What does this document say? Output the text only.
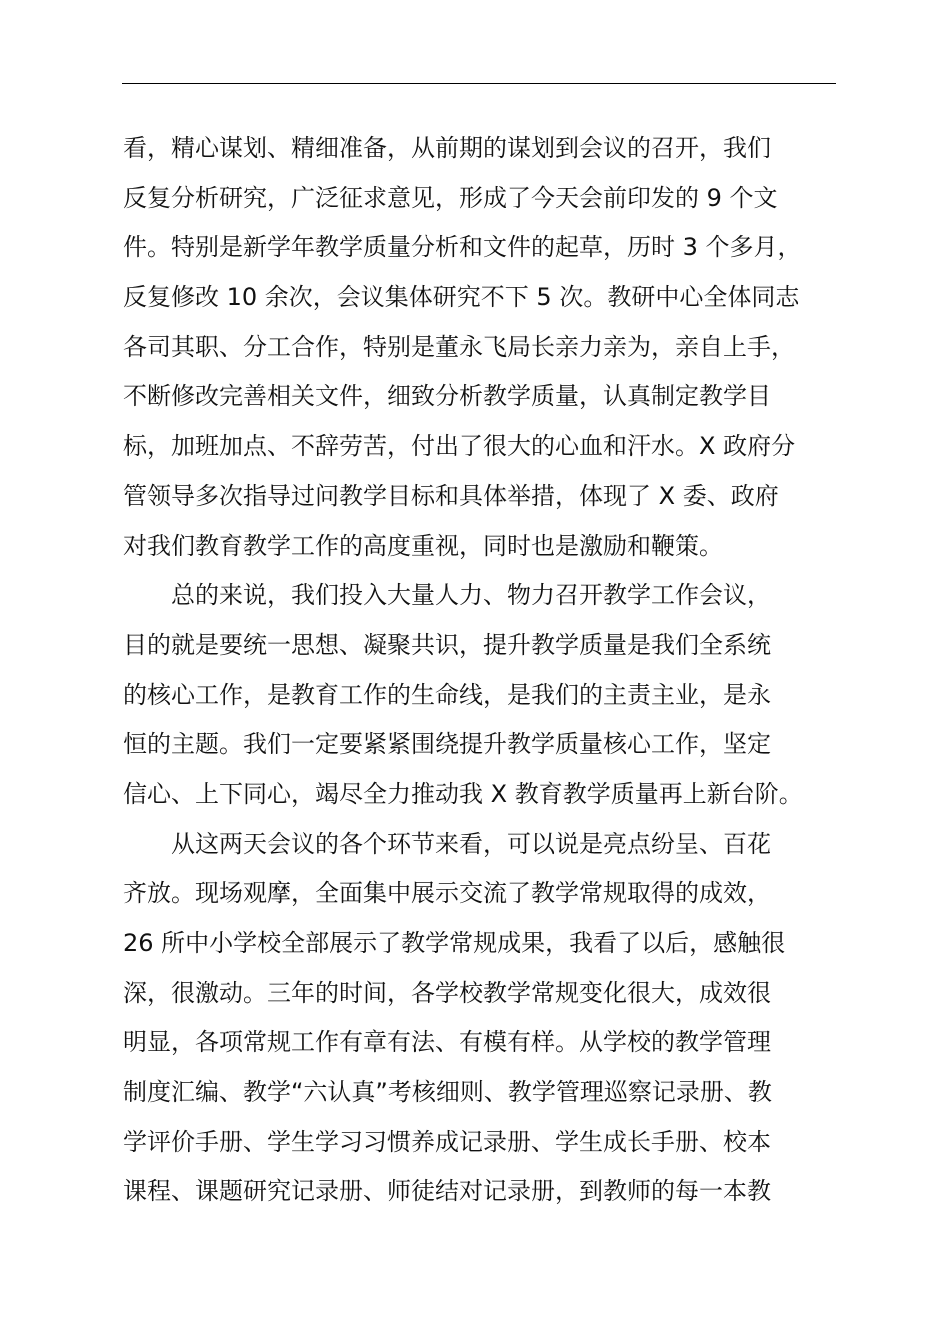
看，精心谋划、精细准备，从前期的谋划到会议的召开，我们
反复分析研究，广泛征求意见，形成了今天会前印发的 9 个文
件。特别是新学年教学质量分析和文件的起草，历时 3 个多月，
反复修改 10 余次，会议集体研究不下 5 次。教研中心全体同志
各司其职、分工合作，特别是董永飞局长亲力亲为，亲自上手，
不断修改完善相关文件，细致分析教学质量，认真制定教学目
标，加班加点、不辞劳苦，付出了很大的心血和汗水。X 政府分
管领导多次指导过问教学目标和具体举措，体现了 X 委、政府
对我们教育教学工作的高度重视，同时也是激励和鞭策。
总的来说，我们投入大量人力、物力召开教学工作会议，
目的就是要统一思想、凝聚共识，提升教学质量是我们全系统
的核心工作，是教育工作的生命线，是我们的主责主业，是永
恒的主题。我们一定要紧紧围绕提升教学质量核心工作，坚定
信心、上下同心，竭尽全力推动我 X 教育教学质量再上新台阶。
从这两天会议的各个环节来看，可以说是亮点纷呈、百花
齐放。现场观摩，全面集中展示交流了教学常规取得的成效，
26 所中小学校全部展示了教学常规成果，我看了以后，感触很
深，很激动。三年的时间，各学校教学常规变化很大，成效很
明显，各项常规工作有章有法、有模有样。从学校的教学管理
制度汇编、教学“六认真”考核细则、教学管理巡察记录册、教
学评价手册、学生学习习惯养成记录册、学生成长手册、校本
课程、课题研究记录册、师徒结对记录册，到教师的每一本教
